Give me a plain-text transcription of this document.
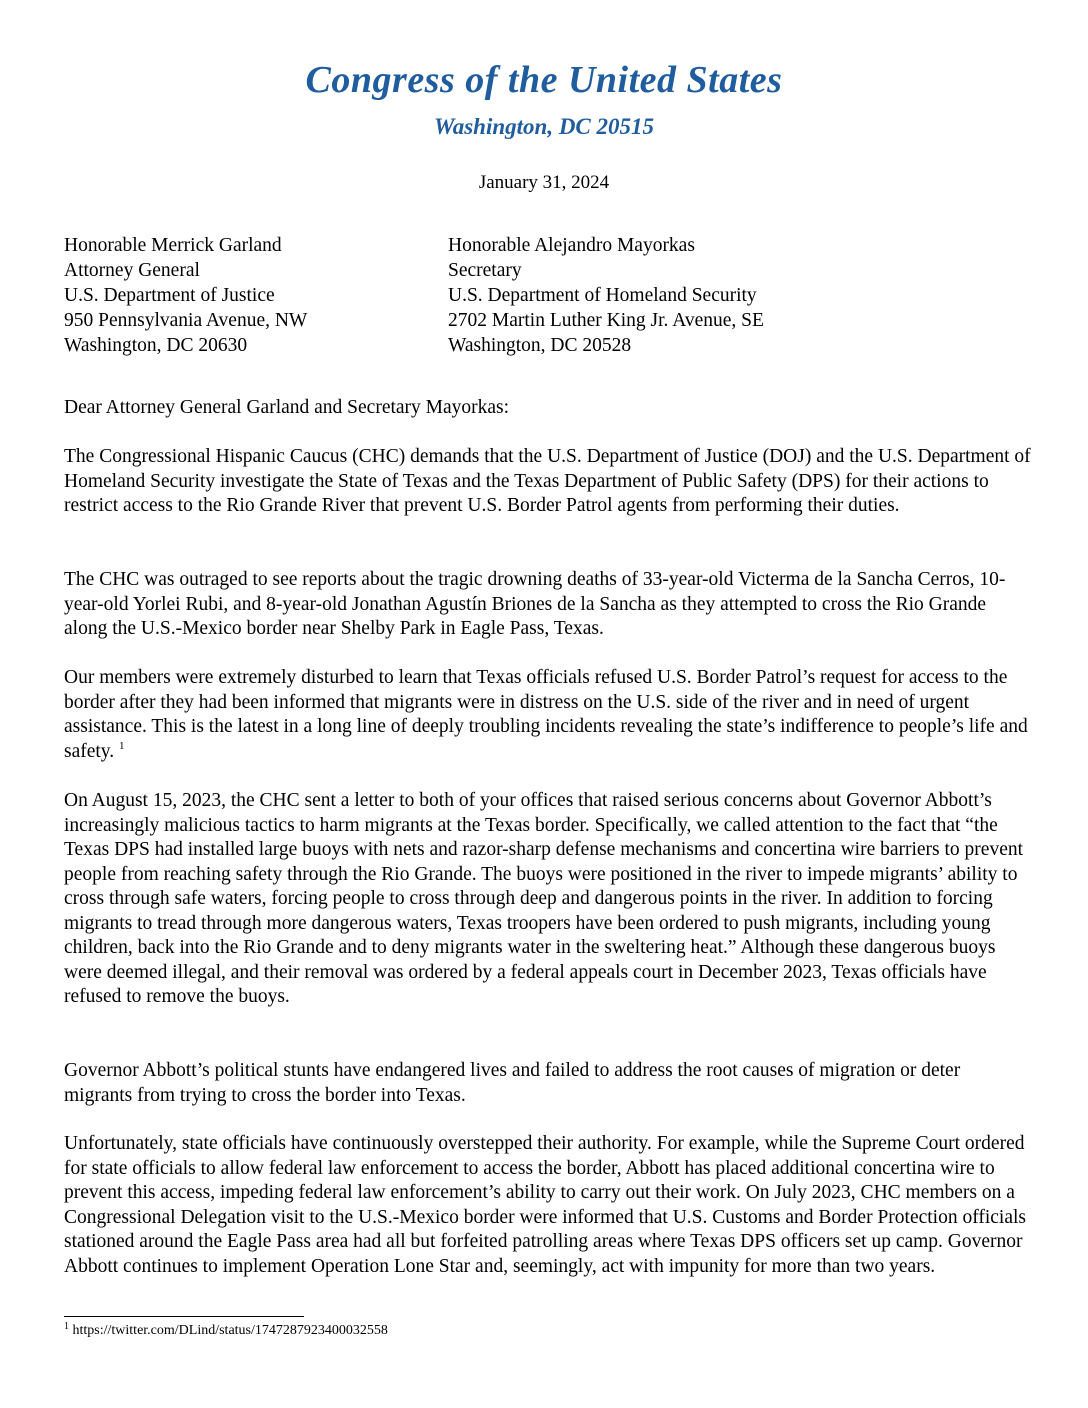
Congress of the United States
Washington, DC 20515
January 31, 2024
Honorable Merrick Garland
Attorney General
U.S. Department of Justice
950 Pennsylvania Avenue, NW
Washington, DC 20630
Honorable Alejandro Mayorkas
Secretary
U.S. Department of Homeland Security
2702 Martin Luther King Jr. Avenue, SE
Washington, DC 20528

Dear Attorney General Garland and Secretary Mayorkas:

The Congressional Hispanic Caucus (CHC) demands that the U.S. Department of Justice (DOJ) and the U.S. Department of Homeland Security investigate the State of Texas and the Texas Department of Public Safety (DPS) for their actions to restrict access to the Rio Grande River that prevent U.S. Border Patrol agents from performing their duties.

The CHC was outraged to see reports about the tragic drowning deaths of 33-year-old Victerma de la Sancha Cerros, 10-year-old Yorlei Rubi, and 8-year-old Jonathan Agustín Briones de la Sancha as they attempted to cross the Rio Grande along the U.S.-Mexico border near Shelby Park in Eagle Pass, Texas.

Our members were extremely disturbed to learn that Texas officials refused U.S. Border Patrol’s request for access to the border after they had been informed that migrants were in distress on the U.S. side of the river and in need of urgent assistance. This is the latest in a long line of deeply troubling incidents revealing the state’s indifference to people’s life and safety. $^1$

On August 15, 2023, the CHC sent a letter to both of your offices that raised serious concerns about Governor Abbott’s increasingly malicious tactics to harm migrants at the Texas border. Specifically, we called attention to the fact that “the Texas DPS had installed large buoys with nets and razor-sharp defense mechanisms and concertina wire barriers to prevent people from reaching safety through the Rio Grande. The buoys were positioned in the river to impede migrants’ ability to cross through safe waters, forcing people to cross through deep and dangerous points in the river. In addition to forcing migrants to tread through more dangerous waters, Texas troopers have been ordered to push migrants, including young children, back into the Rio Grande and to deny migrants water in the sweltering heat.” Although these dangerous buoys were deemed illegal, and their removal was ordered by a federal appeals court in December 2023, Texas officials have refused to remove the buoys.

Governor Abbott’s political stunts have endangered lives and failed to address the root causes of migration or deter migrants from trying to cross the border into Texas.

Unfortunately, state officials have continuously overstepped their authority. For example, while the Supreme Court ordered for state officials to allow federal law enforcement to access the border, Abbott has placed additional concertina wire to prevent this access, impeding federal law enforcement’s ability to carry out their work. On July 2023, CHC members on a Congressional Delegation visit to the U.S.-Mexico border were informed that U.S. Customs and Border Protection officials stationed around the Eagle Pass area had all but forfeited patrolling areas where Texas DPS officers set up camp. Governor Abbott continues to implement Operation Lone Star and, seemingly, act with impunity for more than two years.

$^1$ https://twitter.com/DLind/status/1747287923400032558
